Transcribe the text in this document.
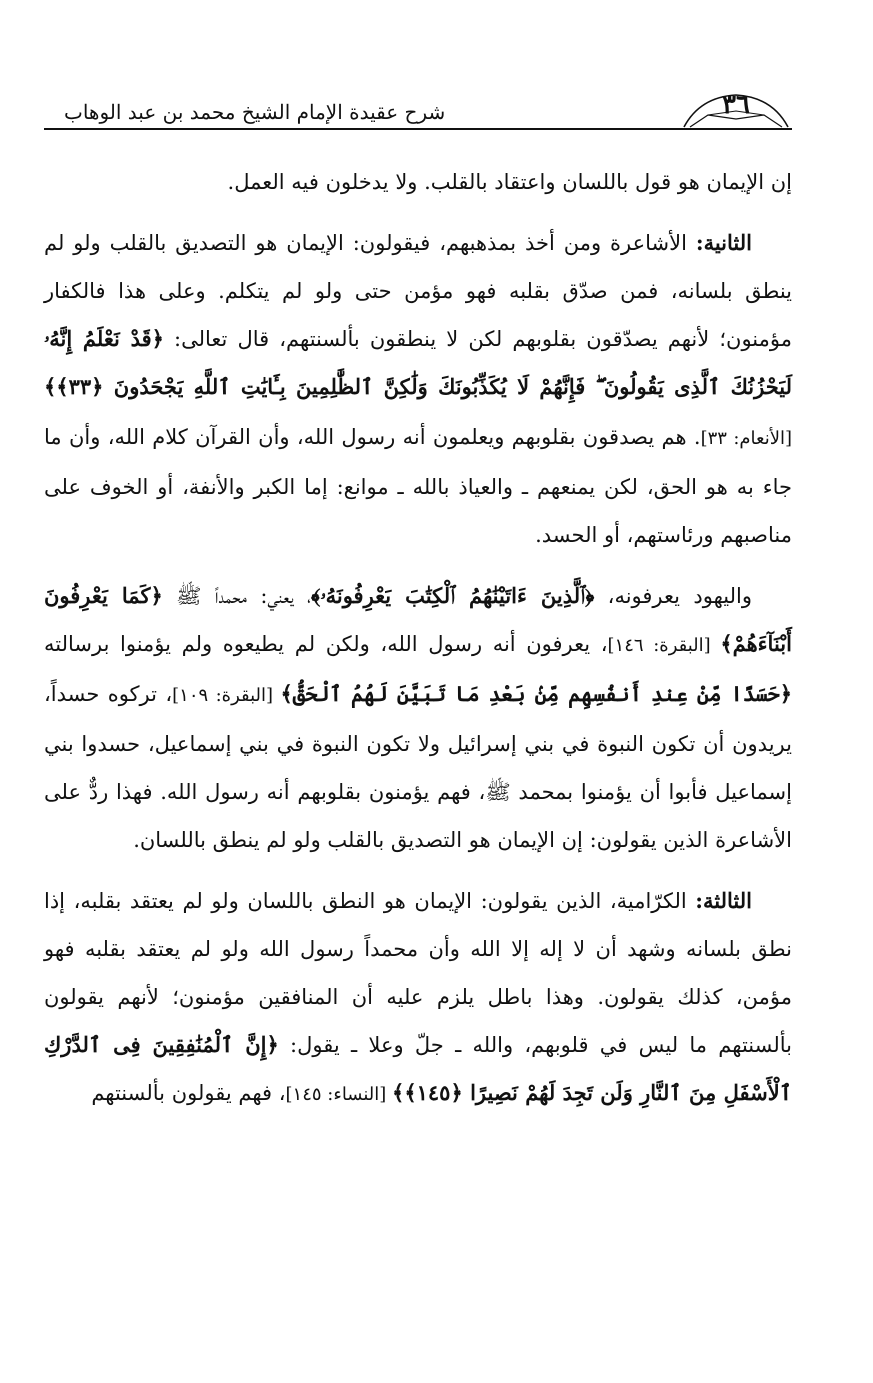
٣٦
شرح عقيدة الإمام الشيخ محمد بن عبد الوهاب

إن الإيمان هو قول باللسان واعتقاد بالقلب. ولا يدخلون فيه العمل.

الثانية: الأشاعرة ومن أخذ بمذهبهم، فيقولون: الإيمان هو التصديق بالقلب ولو لم ينطق بلسانه، فمن صدّق بقلبه فهو مؤمن حتى ولو لم يتكلم. وعلى هذا فالكفار مؤمنون؛ لأنهم يصدّقون بقلوبهم لكن لا ينطقون بألسنتهم، قال تعالى: ﴿قَدْ نَعْلَمُ إِنَّهُۥ لَيَحْزُنُكَ ٱلَّذِى يَقُولُونَ ۖ فَإِنَّهُمْ لَا يُكَذِّبُونَكَ وَلَٰكِنَّ ٱلظَّٰلِمِينَ بِـَٔايَٰتِ ٱللَّهِ يَجْحَدُونَ ﴿٣٣﴾﴾ [الأنعام: ٣٣]. هم يصدقون بقلوبهم ويعلمون أنه رسول الله، وأن القرآن كلام الله، وأن ما جاء به هو الحق، لكن يمنعهم ـ والعياذ بالله ـ موانع: إما الكبر والأنفة، أو الخوف على مناصبهم ورئاستهم، أو الحسد.

واليهود يعرفونه، ﴿ٱلَّذِينَ ءَاتَيْنَٰهُمُ ٱلْكِتَٰبَ يَعْرِفُونَهُۥ﴾، يعني: محمداً ﷺ ﴿كَمَا يَعْرِفُونَ أَبْنَآءَهُمْ﴾ [البقرة: ١٤٦]، يعرفون أنه رسول الله، ولكن لم يطيعوه ولم يؤمنوا برسالته ﴿حَسَدًا مِّنْ عِندِ أَنفُسِهِم مِّنۢ بَعْدِ مَا تَبَيَّنَ لَهُمُ ٱلْحَقُّ﴾ [البقرة: ١٠٩]، تركوه حسداً، يريدون أن تكون النبوة في بني إسرائيل ولا تكون النبوة في بني إسماعيل، حسدوا بني إسماعيل فأبوا أن يؤمنوا بمحمد ﷺ، فهم يؤمنون بقلوبهم أنه رسول الله. فهذا ردٌّ على الأشاعرة الذين يقولون: إن الإيمان هو التصديق بالقلب ولو لم ينطق باللسان.

الثالثة: الكرّامية، الذين يقولون: الإيمان هو النطق باللسان ولو لم يعتقد بقلبه، إذا نطق بلسانه وشهد أن لا إله إلا الله وأن محمداً رسول الله ولو لم يعتقد بقلبه فهو مؤمن، كذلك يقولون. وهذا باطل يلزم عليه أن المنافقين مؤمنون؛ لأنهم يقولون بألسنتهم ما ليس في قلوبهم، والله ـ جلّ وعلا ـ يقول: ﴿إِنَّ ٱلْمُنَٰفِقِينَ فِى ٱلدَّرْكِ ٱلْأَسْفَلِ مِنَ ٱلنَّارِ وَلَن تَجِدَ لَهُمْ نَصِيرًا ﴿١٤٥﴾﴾ [النساء: ١٤٥]، فهم يقولون بألسنتهم
